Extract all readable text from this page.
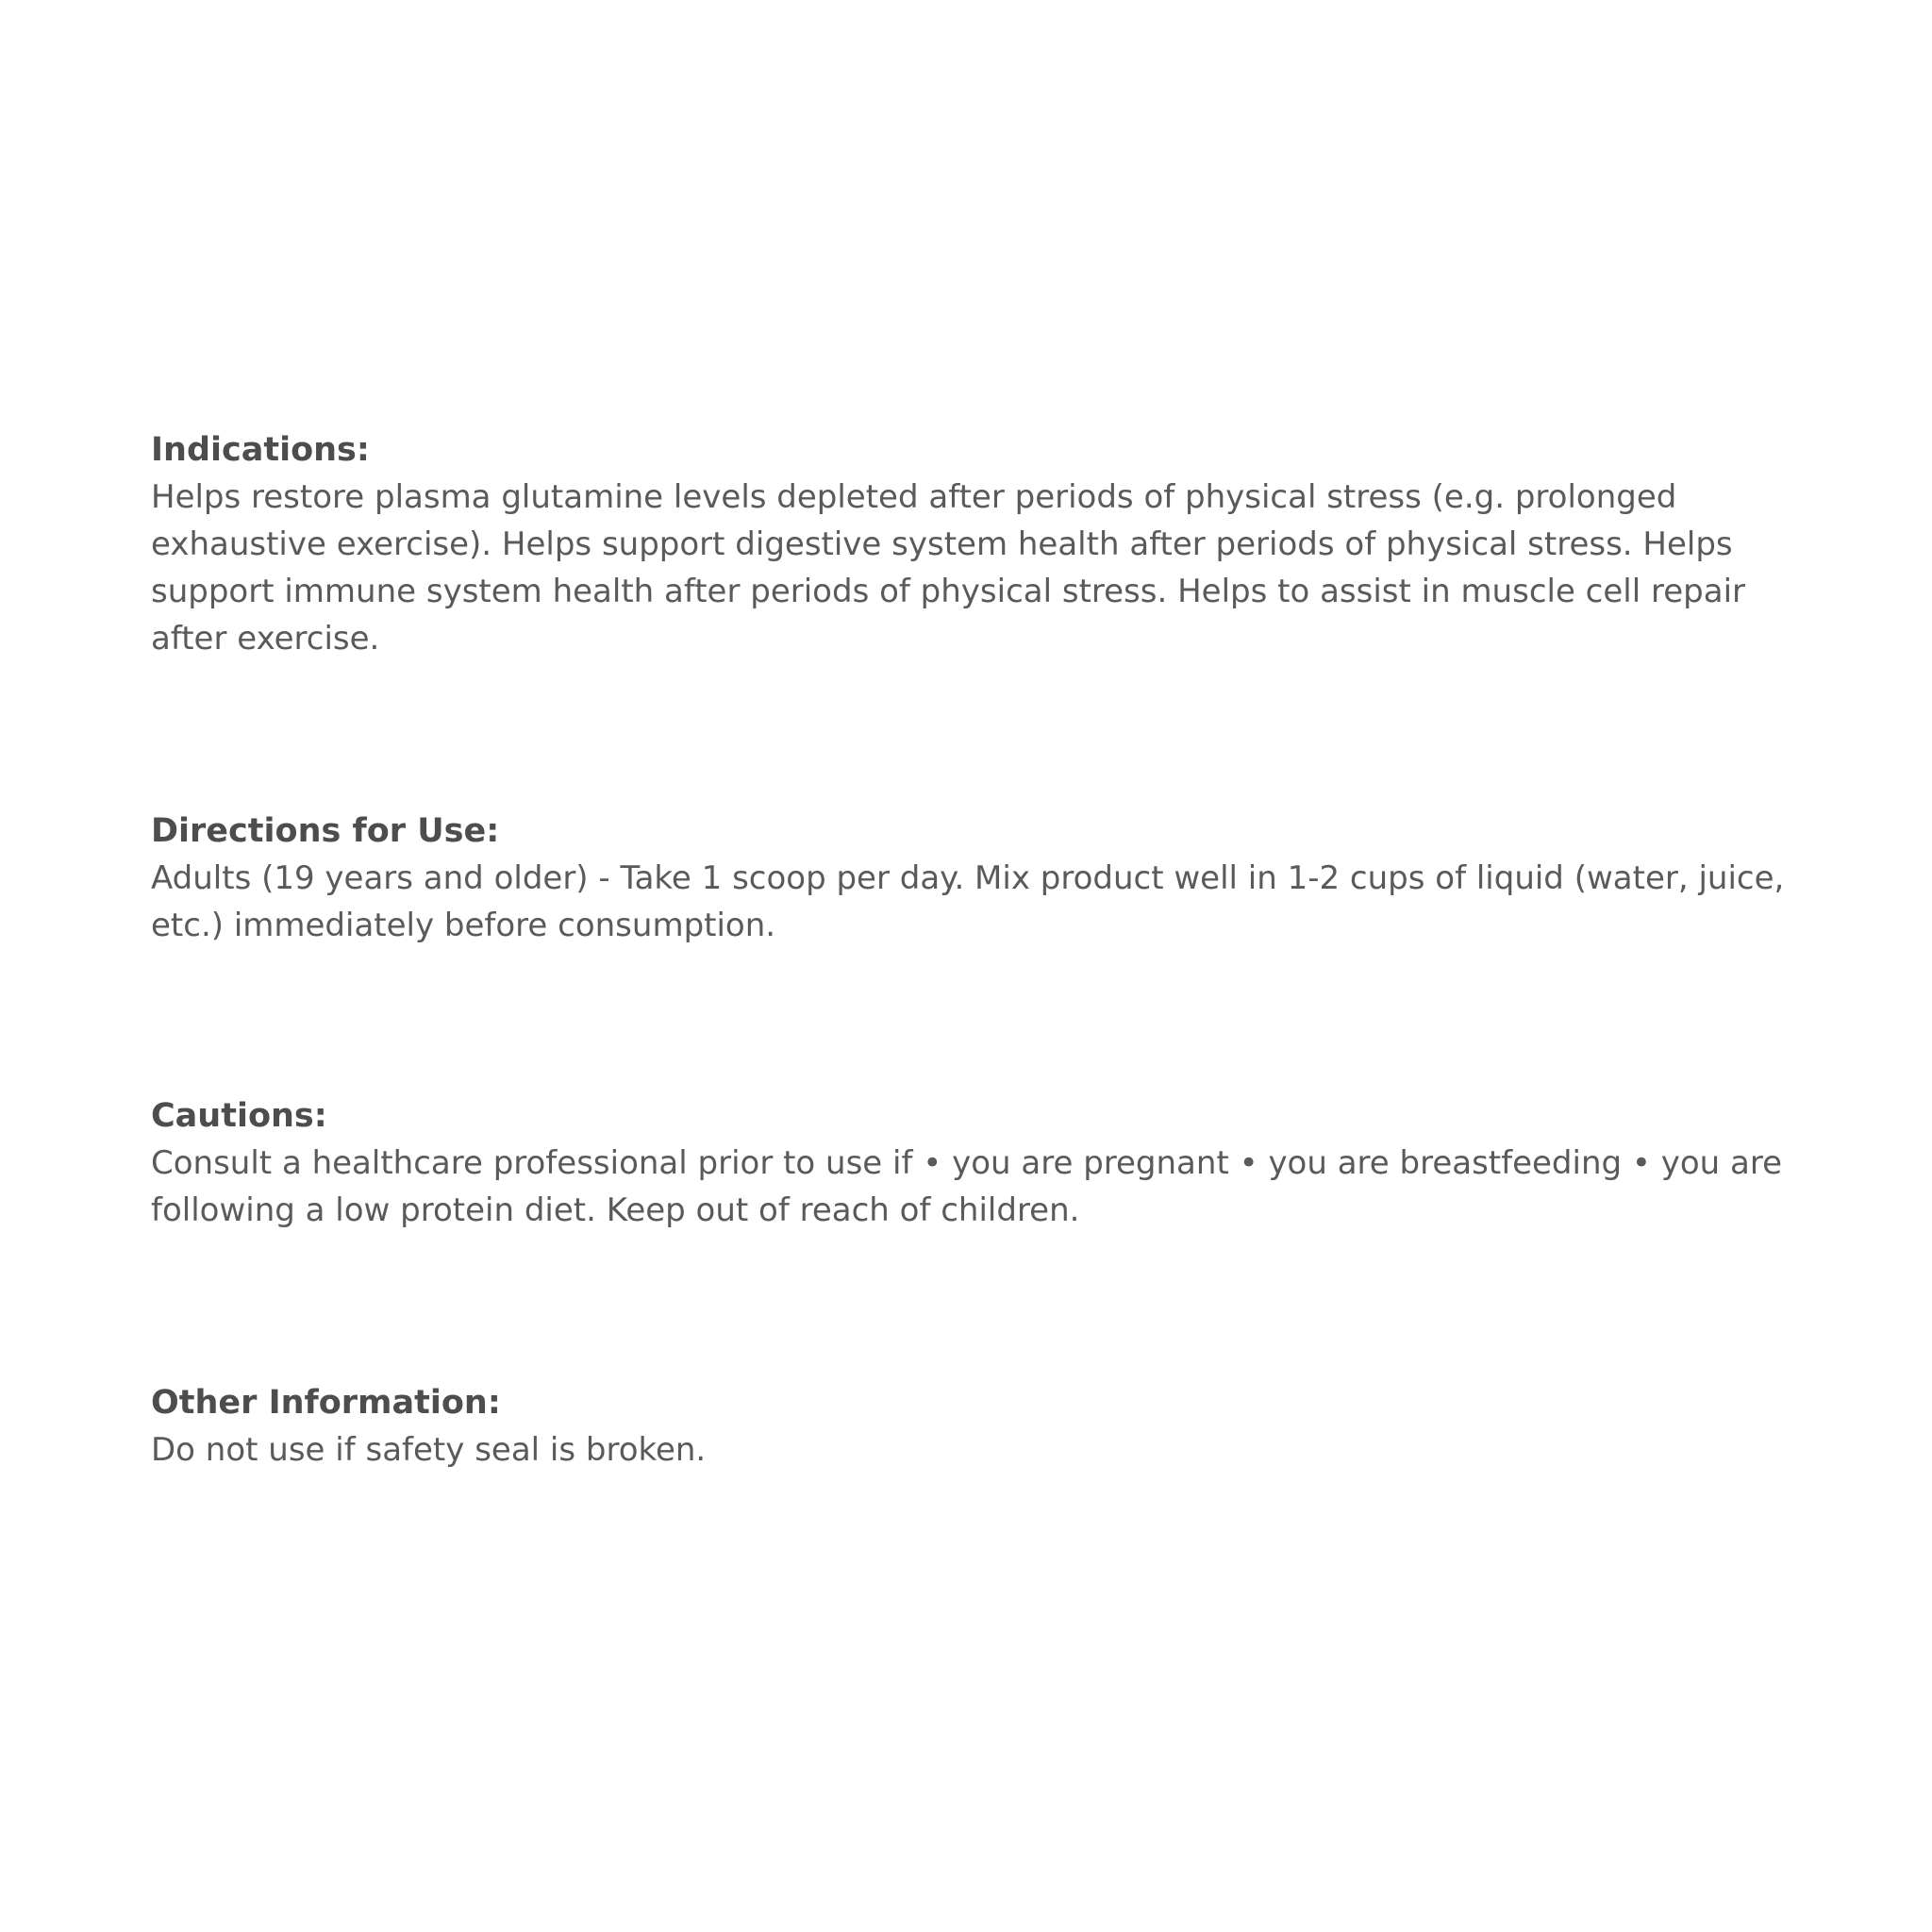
Indications:

Helps restore plasma glutamine levels depleted after periods of physical stress (e.g. prolonged exhaustive exercise). Helps support digestive system health after periods of physical stress. Helps support immune system health after periods of physical stress. Helps to assist in muscle cell repair after exercise.

Directions for Use:

Adults (19 years and older) - Take 1 scoop per day. Mix product well in 1-2 cups of liquid (water, juice, etc.) immediately before consumption.

Cautions:

Consult a healthcare professional prior to use if • you are pregnant • you are breastfeeding • you are following a low protein diet. Keep out of reach of children.

Other Information:

Do not use if safety seal is broken.
